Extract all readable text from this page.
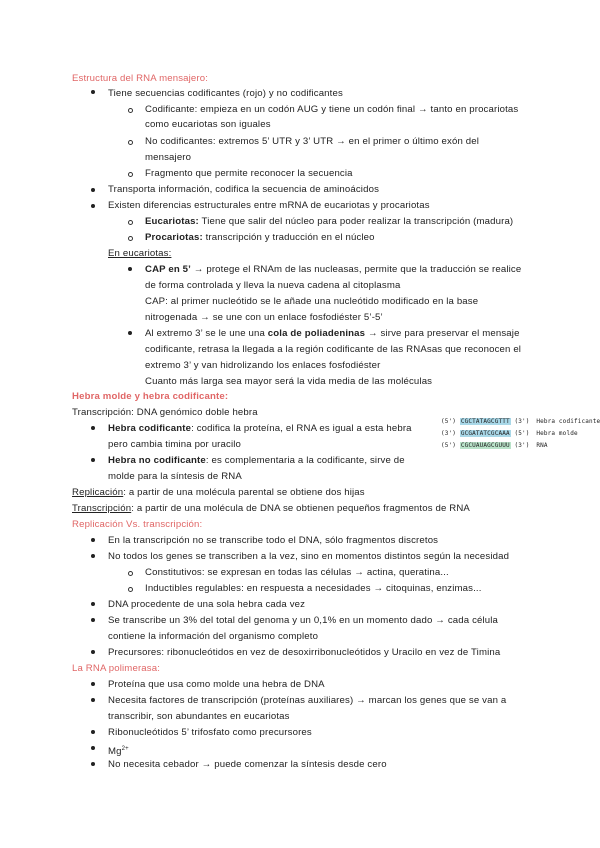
Estructura del RNA mensajero:
Tiene secuencias codificantes (rojo) y no codificantes
Codificante: empieza en un codón AUG y tiene un codón final → tanto en procariotas
como eucariotas son iguales
No codificantes: extremos 5’ UTR y 3’ UTR → en el primer o último exón del
mensajero
Fragmento que permite reconocer la secuencia
Transporta información, codifica la secuencia de aminoácidos
Existen diferencias estructurales entre mRNA de eucariotas y procariotas
Eucariotas: Tiene que salir del núcleo para poder realizar la transcripción (madura)
Procariotas: transcripción y traducción en el núcleo
En eucariotas:
CAP en 5’ → protege el RNAm de las nucleasas, permite que la traducción se realice
de forma controlada y lleva la nueva cadena al citoplasma
CAP: al primer nucleótido se le añade una nucleótido modificado en la base
nitrogenada → se une con un enlace fosfodiéster 5’-5’
Al extremo 3’ se le une una cola de poliadeninas → sirve para preservar el mensaje
codificante, retrasa la llegada a la región codificante de las RNAsas que reconocen el
extremo 3’ y van hidrolizando los enlaces fosfodiéster
Cuanto más larga sea mayor será la vida media de las moléculas
Hebra molde y hebra codificante:
Transcripción: DNA genómico doble hebra
Hebra codificante: codifica la proteína, el RNA es igual a esta hebra
pero cambia timina por uracilo
Hebra no codificante: es complementaria a la codificante, sirve de
molde para la síntesis de RNA
Replicación: a partir de una molécula parental se obtiene dos hijas
Transcripción: a partir de una molécula de DNA se obtienen pequeños fragmentos de RNA
(5') CGCTATAGCGTTT (3') Hebra codificante
(3') GCGATATCGCAAA (5') Hebra molde
(5') CGCUAUAGCGUUU (3') RNA
Replicación Vs. transcripción:
En la transcripción no se transcribe todo el DNA, sólo fragmentos discretos
No todos los genes se transcriben a la vez, sino en momentos distintos según la necesidad
Constitutivos: se expresan en todas las células → actina, queratina...
Inductibles regulables: en respuesta a necesidades → citoquinas, enzimas...
DNA procedente de una sola hebra cada vez
Se transcribe un 3% del total del genoma y un 0,1% en un momento dado → cada célula
contiene la información del organismo completo
Precursores: ribonucleótidos en vez de desoxirribonucleótidos y Uracilo en vez de Timina
La RNA polimerasa:
Proteína que usa como molde una hebra de DNA
Necesita factores de transcripción (proteínas auxiliares) → marcan los genes que se van a
transcribir, son abundantes en eucariotas
Ribonucleótidos 5’ trifosfato como precursores
$Mg^{2+}$
No necesita cebador → puede comenzar la síntesis desde cero
